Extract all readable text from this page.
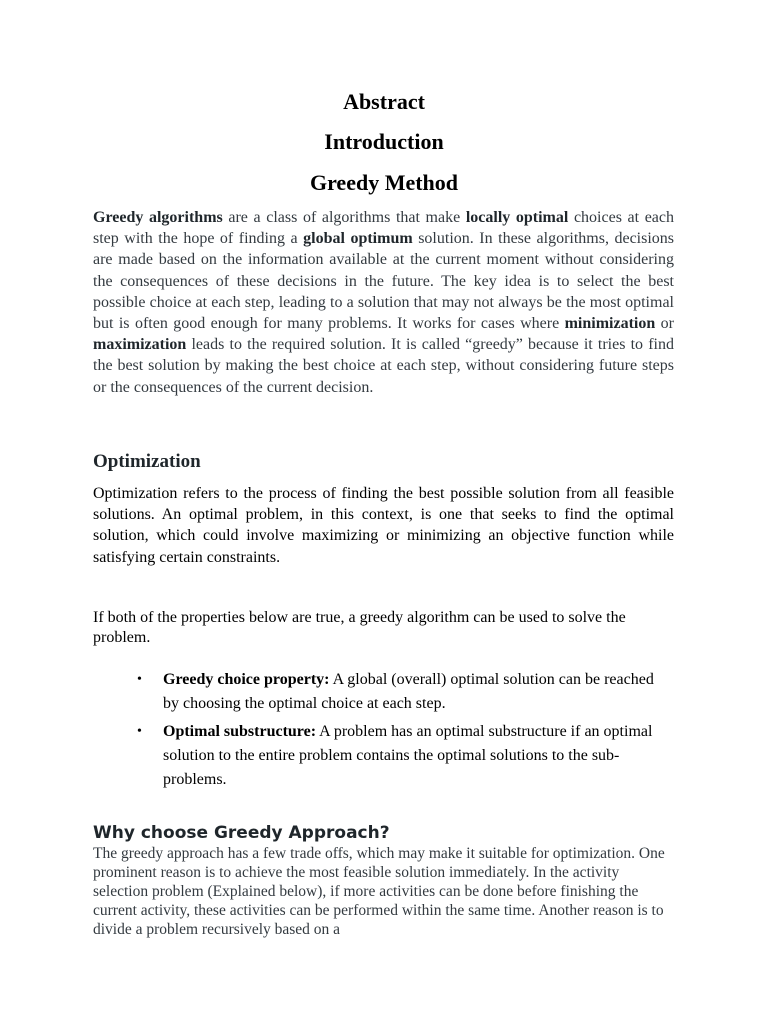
Abstract
Introduction
Greedy Method

Greedy algorithms are a class of algorithms that make locally optimal choices at each step with the hope of finding a global optimum solution. In these algorithms, decisions are made based on the information available at the current moment without considering the consequences of these decisions in the future. The key idea is to select the best possible choice at each step, leading to a solution that may not always be the most optimal but is often good enough for many problems. It works for cases where minimization or maximization leads to the required solution. It is called “greedy” because it tries to find the best solution by making the best choice at each step, without considering future steps or the consequences of the current decision.

Optimization

Optimization refers to the process of finding the best possible solution from all feasible solutions. An optimal problem, in this context, is one that seeks to find the optimal solution, which could involve maximizing or minimizing an objective function while satisfying certain constraints.

If both of the properties below are true, a greedy algorithm can be used to solve the problem.

• Greedy choice property: A global (overall) optimal solution can be reached by choosing the optimal choice at each step.
• Optimal substructure: A problem has an optimal substructure if an optimal solution to the entire problem contains the optimal solutions to the sub-problems.
Why choose Greedy Approach?

The greedy approach has a few trade offs, which may make it suitable for optimization. One prominent reason is to achieve the most feasible solution immediately. In the activity selection problem (Explained below), if more activities can be done before finishing the current activity, these activities can be performed within the same time. Another reason is to divide a problem recursively based on a
